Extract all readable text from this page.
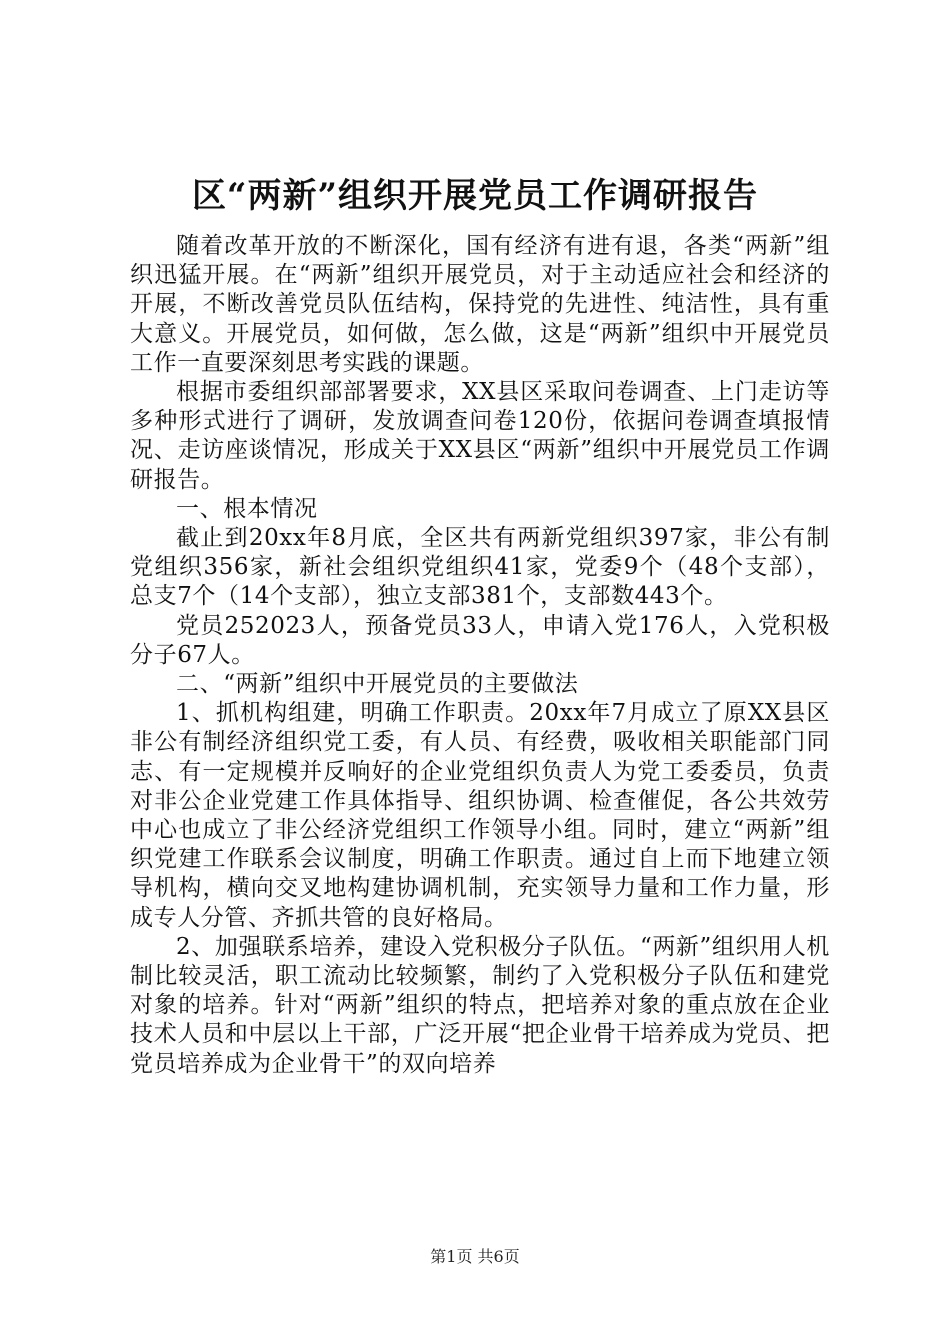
区“两新”组织开展党员工作调研报告

随着改革开放的不断深化，国有经济有进有退，各类“两新”组织迅猛开展。在“两新”组织开展党员，对于主动适应社会和经济的开展，不断改善党员队伍结构，保持党的先进性、纯洁性，具有重大意义。开展党员，如何做，怎么做，这是“两新”组织中开展党员工作一直要深刻思考实践的课题。

根据市委组织部部署要求，XX县区采取问卷调查、上门走访等多种形式进行了调研，发放调查问卷120份，依据问卷调查填报情况、走访座谈情况，形成关于XX县区“两新”组织中开展党员工作调研报告。

一、根本情况

截止到20xx年8月底，全区共有两新党组织397家，非公有制党组织356家，新社会组织党组织41家，党委9个（48个支部），总支7个（14个支部），独立支部381个，支部数443个。

党员252023人，预备党员33人，申请入党176人，入党积极分子67人。

二、“两新”组织中开展党员的主要做法

1、抓机构组建，明确工作职责。20xx年7月成立了原XX县区非公有制经济组织党工委，有人员、有经费，吸收相关职能部门同志、有一定规模并反响好的企业党组织负责人为党工委委员，负责对非公企业党建工作具体指导、组织协调、检查催促，各公共效劳中心也成立了非公经济党组织工作领导小组。同时，建立“两新”组织党建工作联系会议制度，明确工作职责。通过自上而下地建立领导机构，横向交叉地构建协调机制，充实领导力量和工作力量，形成专人分管、齐抓共管的良好格局。

2、加强联系培养，建设入党积极分子队伍。“两新”组织用人机制比较灵活，职工流动比较频繁，制约了入党积极分子队伍和建党对象的培养。针对“两新”组织的特点，把培养对象的重点放在企业技术人员和中层以上干部，广泛开展“把企业骨干培养成为党员、把党员培养成为企业骨干”的双向培养

第1页 共6页
